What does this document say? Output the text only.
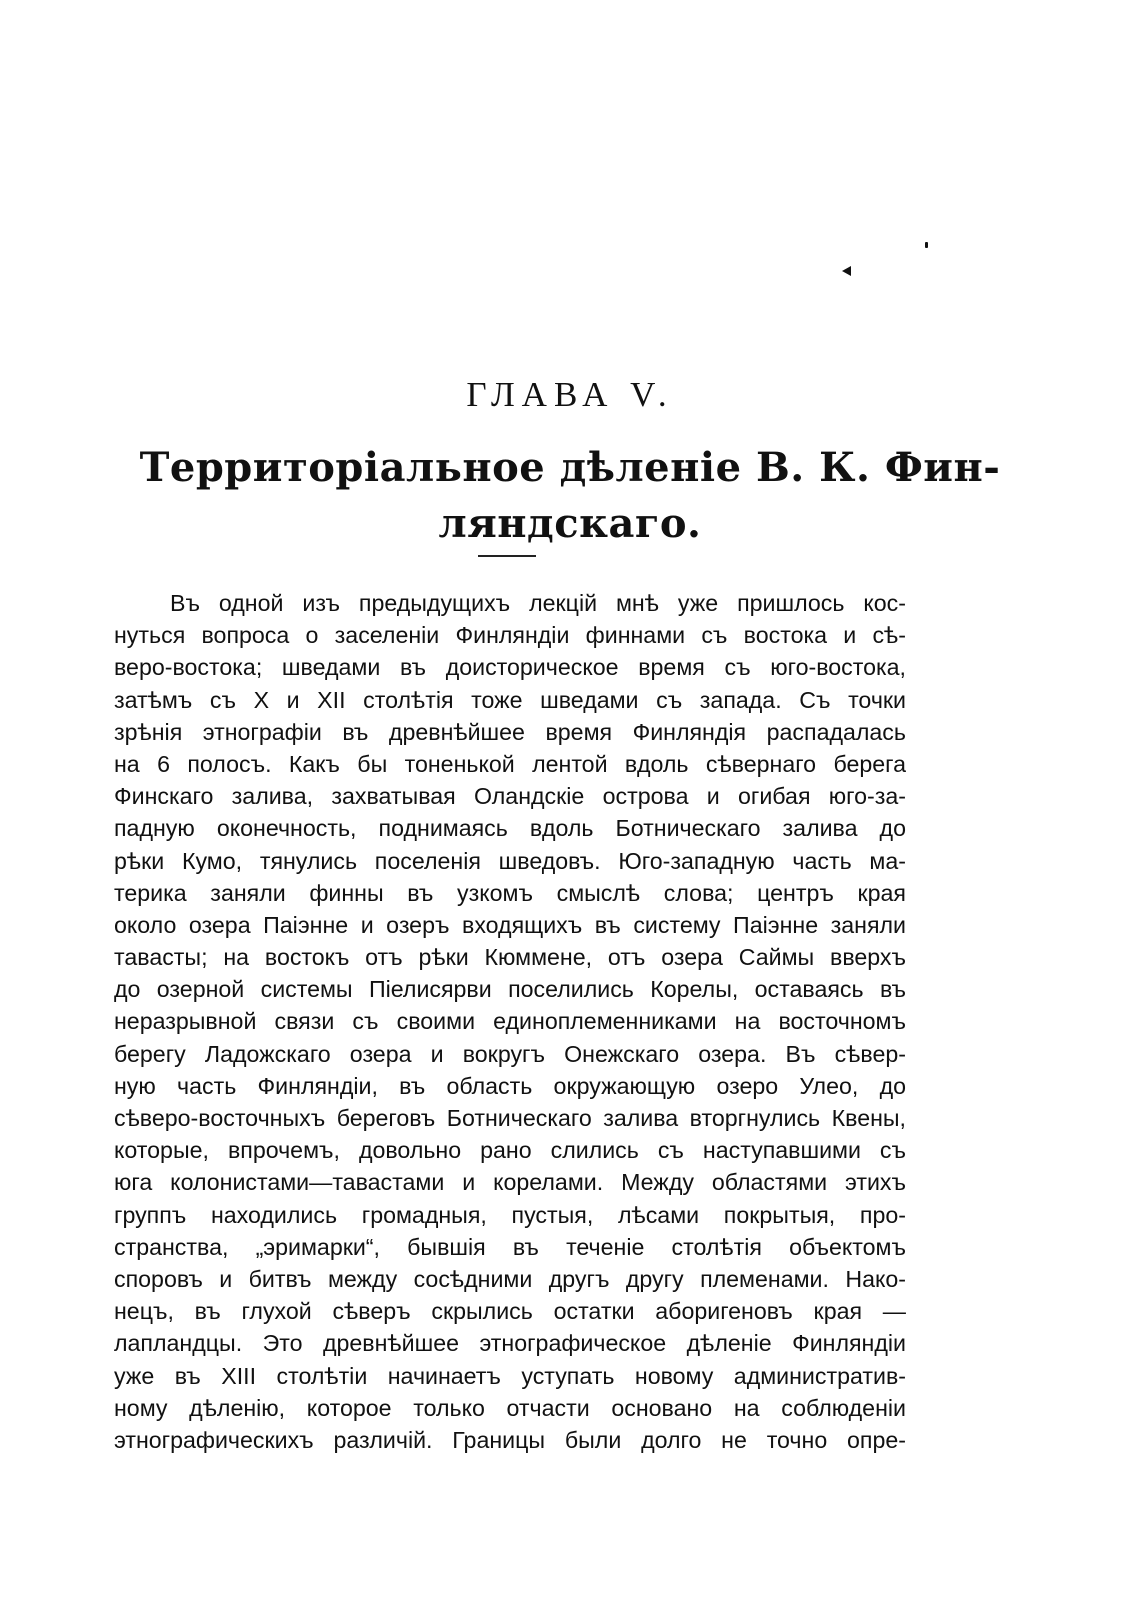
ГЛАВА V.
Территоріальное дѣленіе В. К. Фин-
ляндскаго.
Въ одной изъ предыдущихъ лекцій мнѣ уже пришлось кос-
нуться вопроса о заселеніи Финляндіи финнами съ востока и сѣ-
веро-востока; шведами въ доисторическое время съ юго-востока,
затѣмъ съ X и XII столѣтія тоже шведами съ запада. Съ точки
зрѣнія этнографіи въ древнѣйшее время Финляндія распадалась
на 6 полосъ. Какъ бы тоненькой лентой вдоль сѣвернаго берега
Финскаго залива, захватывая Оландскіе острова и огибая юго-за-
падную оконечность, поднимаясь вдоль Ботническаго залива до
рѣки Кумо, тянулись поселенія шведовъ. Юго-западную часть ма-
терика заняли финны въ узкомъ смыслѣ слова; центръ края
около озера Паіэнне и озеръ входящихъ въ систему Паіэнне заняли
тавасты; на востокъ отъ рѣки Кюммене, отъ озера Саймы вверхъ
до озерной системы Піелисярви поселились Корелы, оставаясь въ
неразрывной связи съ своими единоплеменниками на восточномъ
берегу Ладожскаго озера и вокругъ Онежскаго озера. Въ сѣвер-
ную часть Финляндіи, въ область окружающую озеро Улео, до
сѣверо-восточныхъ береговъ Ботническаго залива вторгнулись Квены,
которые, впрочемъ, довольно рано слились съ наступавшими съ
юга колонистами—тавастами и корелами. Между областями этихъ
группъ находились громадныя, пустыя, лѣсами покрытыя, про-
странства, „эримарки“, бывшія въ теченіе столѣтія объектомъ
споровъ и битвъ между сосѣдними другъ другу племенами. Нако-
нецъ, въ глухой сѣверъ скрылись остатки аборигеновъ края —
лапландцы. Это древнѣйшее этнографическое дѣленіе Финляндіи
уже въ XIII столѣтіи начинаетъ уступать новому административ-
ному дѣленію, которое только отчасти основано на соблюденіи
этнографическихъ различій. Границы были долго не точно опре-
